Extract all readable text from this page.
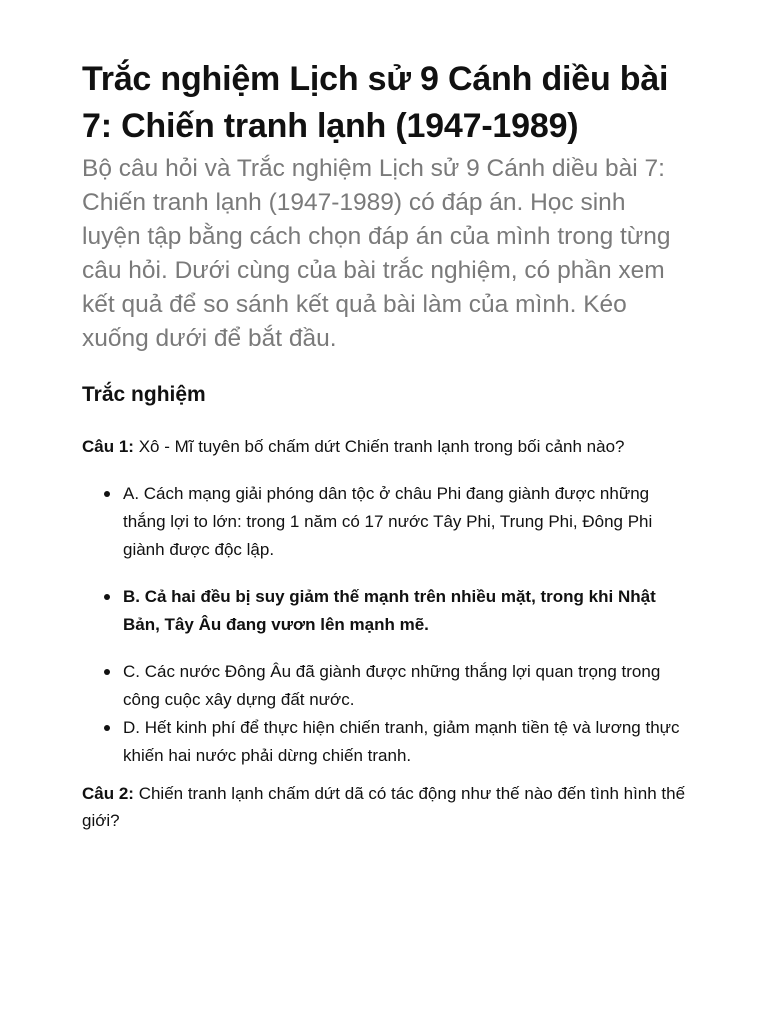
Trắc nghiệm Lịch sử 9 Cánh diều bài 7: Chiến tranh lạnh (1947-1989)

Bộ câu hỏi và Trắc nghiệm Lịch sử 9 Cánh diều bài 7: Chiến tranh lạnh (1947-1989) có đáp án. Học sinh luyện tập bằng cách chọn đáp án của mình trong từng câu hỏi. Dưới cùng của bài trắc nghiệm, có phần xem kết quả để so sánh kết quả bài làm của mình. Kéo xuống dưới để bắt đầu.

Trắc nghiệm

Câu 1: Xô - Mĩ tuyên bố chấm dứt Chiến tranh lạnh trong bối cảnh nào?

A. Cách mạng giải phóng dân tộc ở châu Phi đang giành được những thắng lợi to lớn: trong 1 năm có 17 nước Tây Phi, Trung Phi, Đông Phi giành được độc lập.
B. Cả hai đều bị suy giảm thế mạnh trên nhiều mặt, trong khi Nhật Bản, Tây Âu đang vươn lên mạnh mẽ.
C. Các nước Đông Âu đã giành được những thắng lợi quan trọng trong công cuộc xây dựng đất nước.
D. Hết kinh phí để thực hiện chiến tranh, giảm mạnh tiền tệ và lương thực khiến hai nước phải dừng chiến tranh.

Câu 2: Chiến tranh lạnh chấm dứt dã có tác động như thế nào đến tình hình thế giới?
